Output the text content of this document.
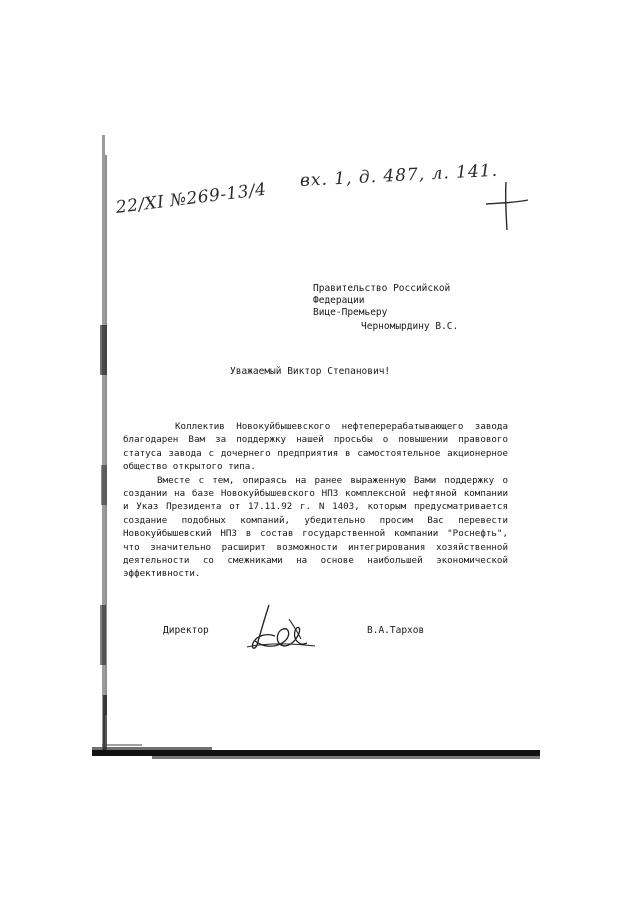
22/XI №269-13/4
вх. 1, д. 487, л. 141.
Правительство Российской
Федерации
Вице-Премьеру
Черномырдину В.С.
Уважаемый Виктор Степанович!

Коллектив Новокуйбышевского нефтеперерабатывающего завода благодарен Вам за поддержку нашей просьбы о повышении правового статуса завода с дочернего предприятия в самостоятельное акционерное общество открытого типа.

Вместе с тем, опираясь на ранее выраженную Вами поддержку о создании на базе Новокуйбышевского НПЗ комплексной нефтяной компании и Указ Президента от 17.11.92 г. N 1403, которым предусматривается создание подобных компаний, убедительно просим Вас перевести Новокуйбышевский НПЗ в состав государственной компании "Роснефть", что значительно расширит возможности интегрирования хозяйственной деятельности со смежниками на основе наибольшей экономической эффективности.

Директор	В.А.Тархов
